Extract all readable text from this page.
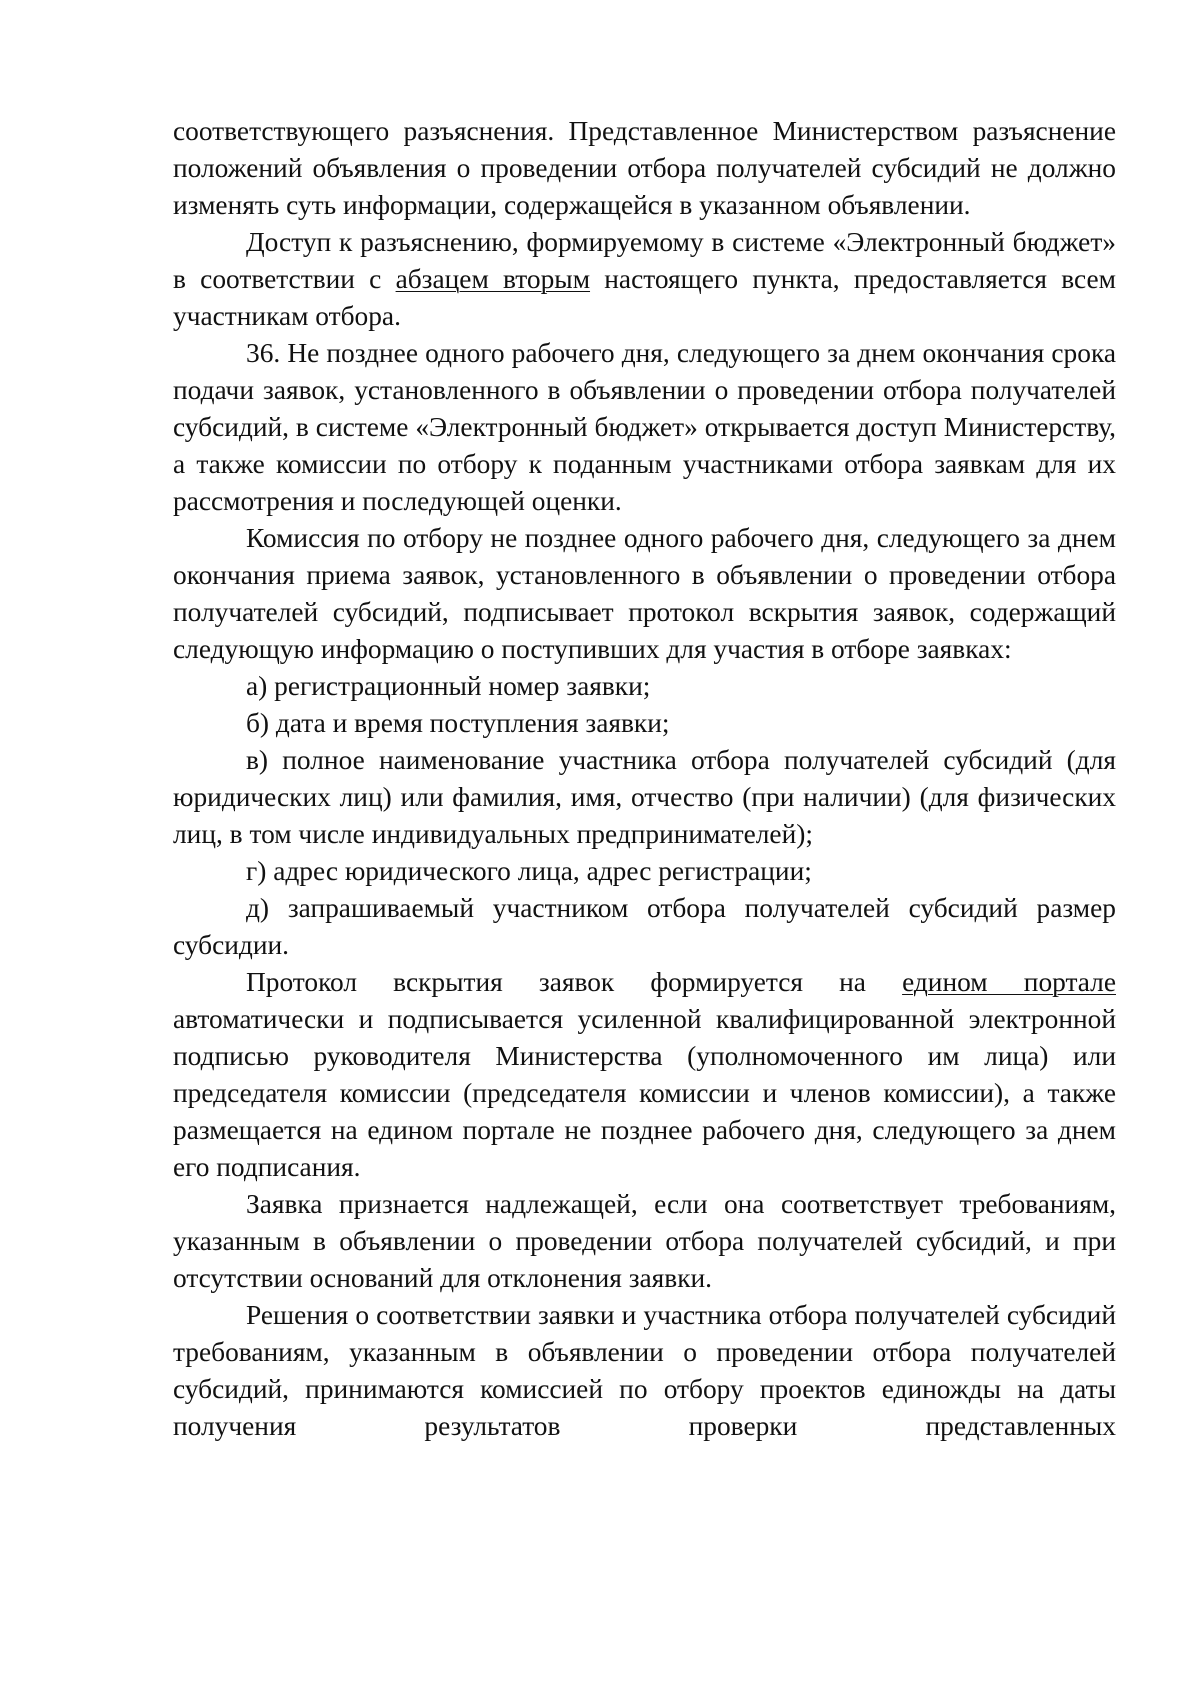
соответствующего разъяснения. Представленное Министерством разъяснение положений объявления о проведении отбора получателей субсидий не должно изменять суть информации, содержащейся в указанном объявлении.

Доступ к разъяснению, формируемому в системе «Электронный бюджет» в соответствии с абзацем вторым настоящего пункта, предоставляется всем участникам отбора.

36. Не позднее одного рабочего дня, следующего за днем окончания срока подачи заявок, установленного в объявлении о проведении отбора получателей субсидий, в системе «Электронный бюджет» открывается доступ Министерству, а также комиссии по отбору к поданным участниками отбора заявкам для их рассмотрения и последующей оценки.

Комиссия по отбору не позднее одного рабочего дня, следующего за днем окончания приема заявок, установленного в объявлении о проведении отбора получателей субсидий, подписывает протокол вскрытия заявок, содержащий следующую информацию о поступивших для участия в отборе заявках:

а) регистрационный номер заявки;

б) дата и время поступления заявки;

в) полное наименование участника отбора получателей субсидий (для юридических лиц) или фамилия, имя, отчество (при наличии) (для физических лиц, в том числе индивидуальных предпринимателей);

г) адрес юридического лица, адрес регистрации;

д) запрашиваемый участником отбора получателей субсидий размер субсидии.

Протокол вскрытия заявок формируется на едином портале автоматически и подписывается усиленной квалифицированной электронной подписью руководителя Министерства (уполномоченного им лица) или председателя комиссии (председателя комиссии и членов комиссии), а также размещается на едином портале не позднее рабочего дня, следующего за днем его подписания.

Заявка признается надлежащей, если она соответствует требованиям, указанным в объявлении о проведении отбора получателей субсидий, и при отсутствии оснований для отклонения заявки.

Решения о соответствии заявки и участника отбора получателей субсидий требованиям, указанным в объявлении о проведении отбора получателей субсидий, принимаются комиссией по отбору проектов единожды на даты получения результатов проверки представленных
